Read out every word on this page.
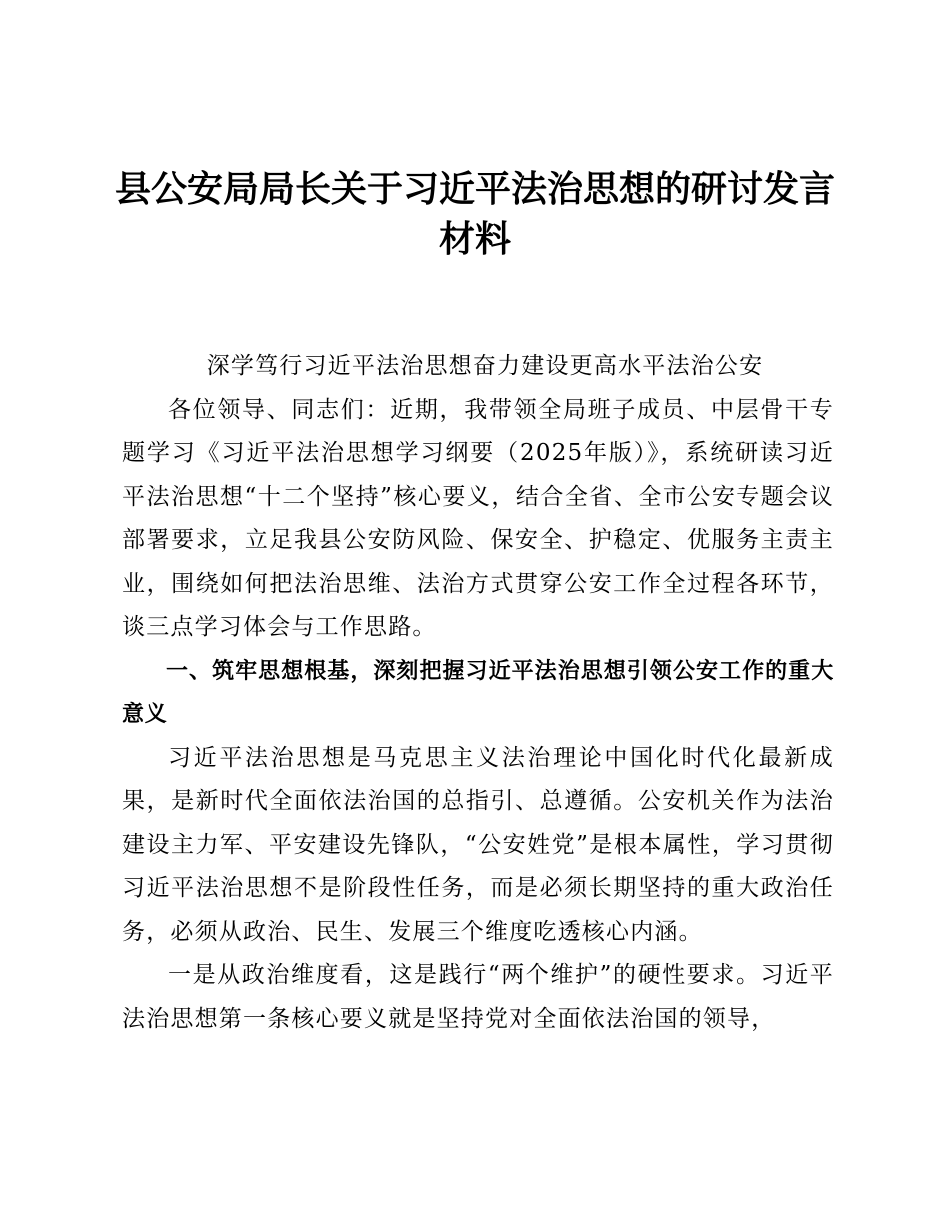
县公安局局长关于习近平法治思想的研讨发言材料

深学笃行习近平法治思想奋力建设更高水平法治公安

各位领导、同志们：近期，我带领全局班子成员、中层骨干专题学习《习近平法治思想学习纲要（2025年版）》，系统研读习近平法治思想“十二个坚持”核心要义，结合全省、全市公安专题会议部署要求，立足我县公安防风险、保安全、护稳定、优服务主责主业，围绕如何把法治思维、法治方式贯穿公安工作全过程各环节，谈三点学习体会与工作思路。

一、筑牢思想根基，深刻把握习近平法治思想引领公安工作的重大意义

习近平法治思想是马克思主义法治理论中国化时代化最新成果，是新时代全面依法治国的总指引、总遵循。公安机关作为法治建设主力军、平安建设先锋队，“公安姓党”是根本属性，学习贯彻习近平法治思想不是阶段性任务，而是必须长期坚持的重大政治任务，必须从政治、民生、发展三个维度吃透核心内涵。

一是从政治维度看，这是践行“两个维护”的硬性要求。习近平法治思想第一条核心要义就是坚持党对全面依法治国的领导，
